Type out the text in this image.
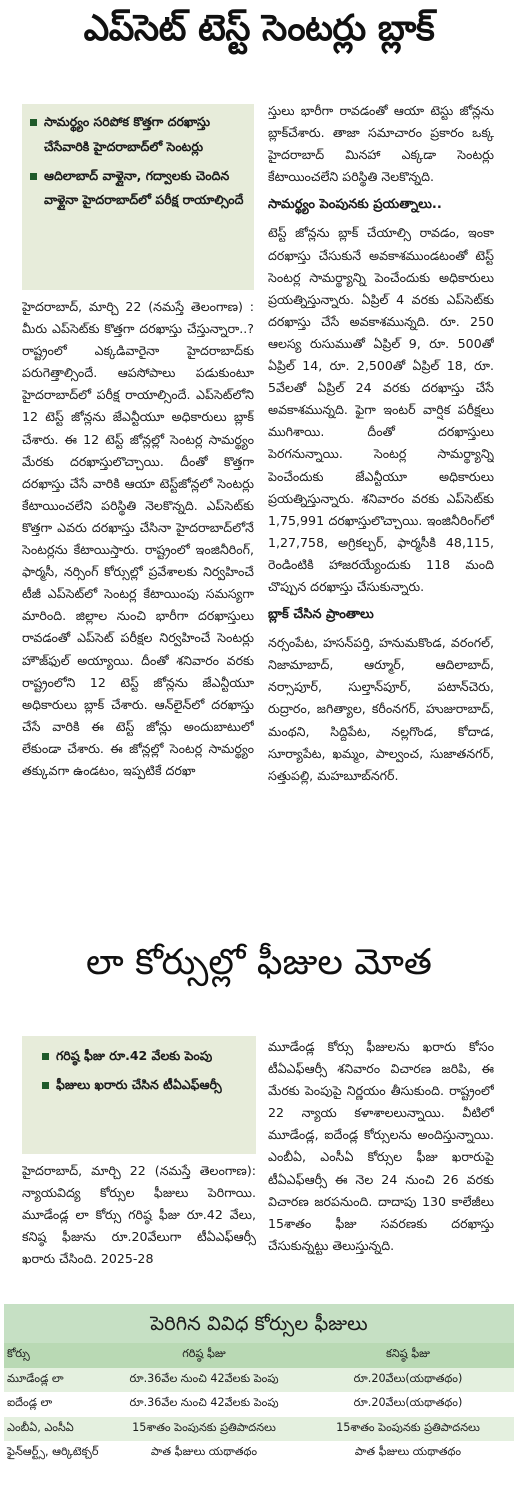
ఎప్‌సెట్ టెస్ట్ సెంటర్లు బ్లాక్
సామర్థ్యం సరిపోక కొత్తగా దరఖాస్తు చేసేవారికి హైదరాబాద్‌లో సెంటర్లు
ఆదిలాబాద్ వాళ్లైనా, గద్వాలకు చెందిన వాళ్లైనా హైదరాబాద్‌లో పరీక్ష రాయాల్సిందే

హైదరాబాద్, మార్చి 22 (నమస్తే తెలంగాణ) : మీరు ఎప్‌సెట్‌కు కొత్తగా దరఖాస్తు చేస్తున్నారా..? రాష్ట్రంలో ఎక్కడివారైనా హైదరాబాద్‌కు పరుగెత్తాల్సిందే. ఆపసోపాలు పడుకుంటూ హైదరాబాద్‌లో పరీక్ష రాయాల్సిందే. ఎప్‌సెట్‌లోని 12 టెస్ట్ జోన్లను జేఎన్టీయూ అధికారులు బ్లాక్ చేశారు. ఈ 12 టెస్ట్ జోన్లల్లో సెంటర్ల సామర్థ్యం మేరకు దరఖాస్తులొచ్చాయి. దీంతో కొత్తగా దరఖాస్తు చేసే వారికి ఆయా టెస్ట్‌జోన్లలో సెంటర్లు కేటాయించలేని పరిస్థితి నెలకొన్నది. ఎప్‌సెట్‌కు కొత్తగా ఎవరు దరఖాస్తు చేసినా హైదరాబాద్‌లోనే సెంటర్లను కేటాయిస్తారు. రాష్ట్రంలో ఇంజినీరింగ్, ఫార్మసీ, నర్సింగ్ కోర్సుల్లో ప్రవేశాలకు నిర్వహించే టీజీ ఎప్‌సెట్‌లో సెంటర్ల కేటాయింపు సమస్యగా మారింది. జిల్లాల నుంచి భారీగా దరఖాస్తులు రావడంతో ఎప్‌సెట్ పరీక్షల నిర్వహించే సెంటర్లు హౌజ్‌ఫుల్ అయ్యాయి. దీంతో శనివారం వరకు రాష్ట్రంలోని 12 టెస్ట్ జోన్లను జేఎన్టీయూ అధికారులు బ్లాక్ చేశారు. ఆన్‌లైన్‌లో దరఖాస్తు చేసే వారికి ఈ టెస్ట్ జోన్లు అందుబాటులో లేకుండా చేశారు. ఈ జోన్లల్లో సెంటర్ల సామర్థ్యం తక్కువగా ఉండటం, ఇప్పటికే దరఖా

స్తులు భారీగా రావడంతో ఆయా టెస్టు జోన్లను బ్లాక్‌చేశారు. తాజా సమాచారం ప్రకారం ఒక్క హైదరాబాద్ మినహా ఎక్కడా సెంటర్లు కేటాయించలేని పరిస్థితి నెలకొన్నది.

సామర్థ్యం పెంపునకు ప్రయత్నాలు..

టెస్ట్ జోన్లను బ్లాక్ చేయాల్సి రావడం, ఇంకా దరఖాస్తు చేసుకునే అవకాశముండటంతో టెస్ట్ సెంటర్ల సామర్థ్యాన్ని పెంచేందుకు అధికారులు ప్రయత్నిస్తున్నారు. ఏప్రిల్ 4 వరకు ఎప్‌సెట్‌కు దరఖాస్తు చేసే అవకాశమున్నది. రూ. 250 ఆలస్య రుసుముతో ఏప్రిల్ 9, రూ. 500తో ఏప్రిల్ 14, రూ. 2,500తో ఏప్రిల్ 18, రూ. 5వేలతో ఏప్రిల్ 24 వరకు దరఖాస్తు చేసే అవకాశమున్నది. ఫైగా ఇంటర్ వార్షిక పరీక్షలు ముగిశాయి. దీంతో దరఖాస్తులు పెరగనున్నాయి. సెంటర్ల సామర్థ్యాన్ని పెంచేందుకు జేఎన్టీయూ అధికారులు ప్రయత్నిస్తున్నారు. శనివారం వరకు ఎప్‌సెట్‌కు 1,75,991 దరఖాస్తులొచ్చాయి. ఇంజినీరింగ్‌లో 1,27,758, అగ్రికల్చర్, ఫార్మసీకి 48,115, రెండింటికి హాజరయ్యేందుకు 118 మంది చొప్పున దరఖాస్తు చేసుకున్నారు.

బ్లాక్ చేసిన ప్రాంతాలు

నర్సంపేట, హసన్‌పర్తి, హనుమకొండ, వరంగల్, నిజామాబాద్, ఆర్మూర్, ఆదిలాబాద్, నర్సాపూర్, సుల్తాన్‌పూర్, పటాన్‌చెరు, రుద్రారం, జగిత్యాల, కరీంనగర్, హుజురాబాద్, మంథని, సిద్దిపేట, నల్లగొండ, కోదాడ, సూర్యాపేట, ఖమ్మం, పాల్వంచ, సుజాతనగర్, సత్తుపల్లి, మహబూబ్‌నగర్.

లా కోర్సుల్లో ఫీజుల మోత
గరిష్ఠ ఫీజు రూ.42 వేలకు పెంపు
ఫీజులు ఖరారు చేసిన టీఏఎఫ్ఆర్సీ

హైదరాబాద్, మార్చి 22 (నమస్తే తెలంగాణ): న్యాయవిద్య కోర్సుల ఫీజులు పెరిగాయి. మూడేండ్ల లా కోర్సు గరిష్ఠ ఫీజు రూ.42 వేలు, కనిష్ఠ ఫీజును రూ.20వేలుగా టీఏఎఫ్ఆర్సీ ఖరారు చేసింది. 2025-28

మూడేండ్ల కోర్సు ఫీజులను ఖరారు కోసం టీఏఎఫ్ఆర్సీ శనివారం విచారణ జరిపి, ఈ మేరకు పెంపుపై నిర్ణయం తీసుకుంది. రాష్ట్రంలో 22 న్యాయ కళాశాలలున్నాయి. వీటిలో మూడేండ్ల, ఐదేండ్ల కోర్సులను అందిస్తున్నాయి. ఎంబీఏ, ఎంసీఏ కోర్సుల ఫీజు ఖరారుపై టీఏఎఫ్ఆర్సీ ఈ నెల 24 నుంచి 26 వరకు విచారణ జరపనుంది. దాదాపు 130 కాలేజీలు 15శాతం ఫీజు సవరణకు దరఖాస్తు చేసుకున్నట్టు తెలుస్తున్నది.

పెరిగిన వివిధ కోర్సుల ఫీజులు
కోర్సు	గరిష్ఠ ఫీజు	కనిష్ఠ ఫీజు
మూడేండ్ల లా	రూ.36వేల నుంచి 42వేలకు పెంపు	రూ.20వేలు(యథాతథం)
ఐదేండ్ల లా	రూ.36వేల నుంచి 42వేలకు పెంపు	రూ.20వేలు(యథాతథం)
ఎంబీఏ, ఎంసీఏ	15శాతం పెంపునకు ప్రతిపాదనలు	15శాతం పెంపునకు ప్రతిపాదనలు
ఫైన్ఆర్ట్స్, ఆర్కిటెక్చర్	పాత ఫీజులు యథాతథం	పాత ఫీజులు యథాతథం
